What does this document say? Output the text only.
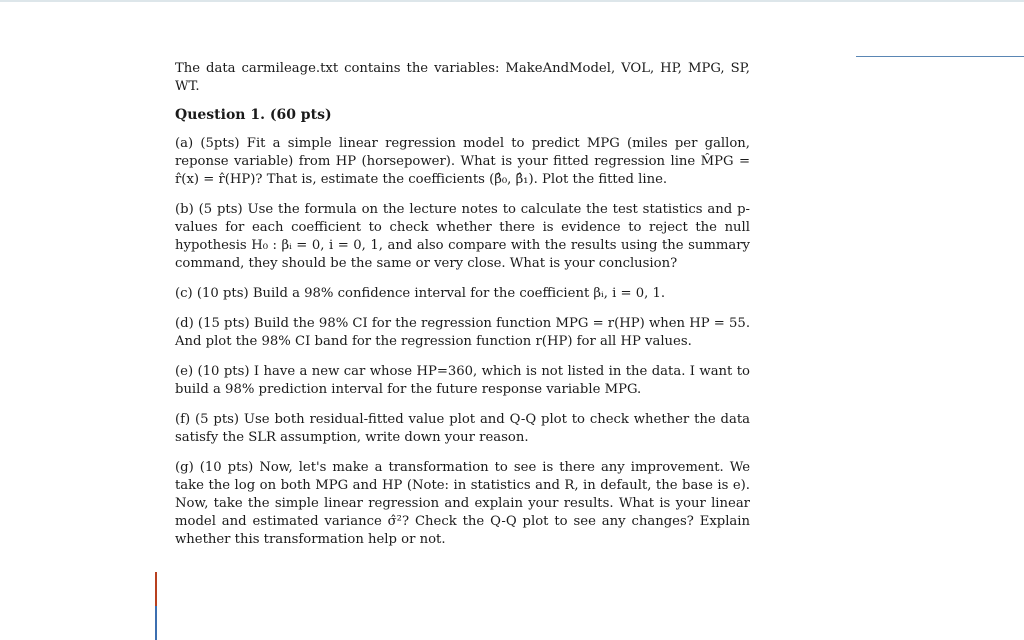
The data carmileage.txt contains the variables: MakeAndModel, VOL, HP, MPG, SP, WT.

Question 1. (60 pts)

(a) (5pts) Fit a simple linear regression model to predict MPG (miles per gallon, reponse variable) from HP (horsepower). What is your fitted regression line M̂PG = r̂(x) = r̂(HP)? That is, estimate the coefficients (β̂₀, β̂₁). Plot the fitted line.

(b) (5 pts) Use the formula on the lecture notes to calculate the test statistics and p-values for each coefficient to check whether there is evidence to reject the null hypothesis H₀ : βᵢ = 0, i = 0, 1, and also compare with the results using the summary command, they should be the same or very close. What is your conclusion?

(c) (10 pts) Build a 98% confidence interval for the coefficient βᵢ, i = 0, 1.

(d) (15 pts) Build the 98% CI for the regression function MPG = r(HP) when HP = 55. And plot the 98% CI band for the regression function r(HP) for all HP values.

(e) (10 pts) I have a new car whose HP=360, which is not listed in the data. I want to build a 98% prediction interval for the future response variable MPG.

(f) (5 pts) Use both residual-fitted value plot and Q-Q plot to check whether the data satisfy the SLR assumption, write down your reason.

(g) (10 pts) Now, let's make a transformation to see is there any improvement. We take the log on both MPG and HP (Note: in statistics and R, in default, the base is e). Now, take the simple linear regression and explain your results. What is your linear model and estimated variance σ̂²? Check the Q-Q plot to see any changes? Explain whether this transformation help or not.
